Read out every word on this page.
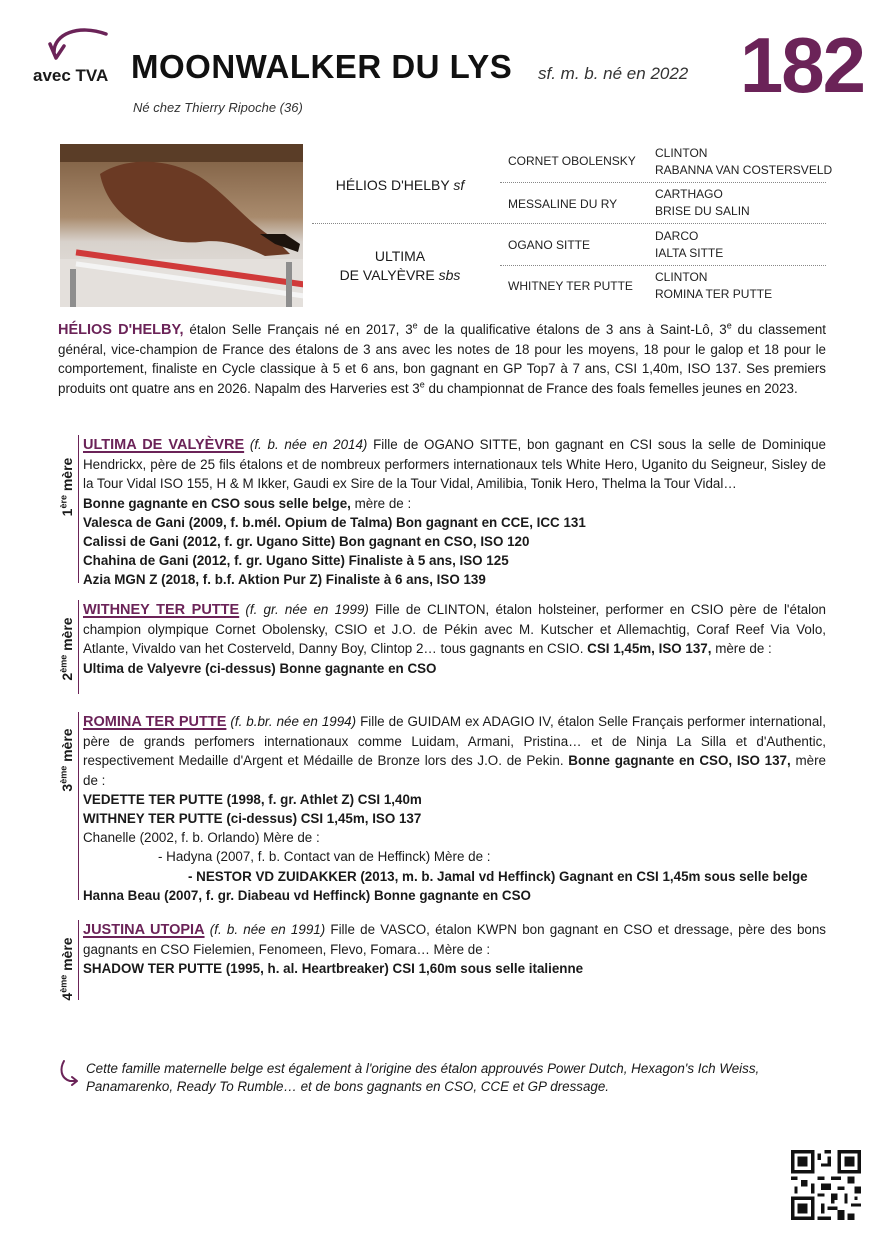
avec TVA MOONWALKER DU LYS sf. m. b. né en 2022 182
Né chez Thierry Ripoche (36)
HÉLIOS D'HELBY sf
ULTIMA
DE VALYÈVRE sbs
CORNET OBOLENSKY
MESSALINE DU RY
OGANO SITTE
WHITNEY TER PUTTE
CLINTON
RABANNA VAN COSTERSVELD
CARTHAGO
BRISE DU SALIN
DARCO
IALTA SITTE
CLINTON
ROMINA TER PUTTE
HÉLIOS D'HELBY, étalon Selle Français né en 2017, 3e de la qualificative étalons de 3 ans à Saint-Lô, 3e du classement général, vice-champion de France des étalons de 3 ans avec les notes de 18 pour les moyens, 18 pour le galop et 18 pour le comportement, finaliste en Cycle classique à 5 et 6 ans, bon gagnant en GP Top7 à 7 ans, CSI 1,40m, ISO 137. Ses premiers produits ont quatre ans en 2026. Napalm des Harveries est 3e du championnat de France des foals femelles jeunes en 2023.
1ère mère
ULTIMA DE VALYÈVRE (f. b. née en 2014) Fille de OGANO SITTE, bon gagnant en CSI sous la selle de Dominique Hendrickx, père de 25 fils étalons et de nombreux performers internationaux tels White Hero, Uganito du Seigneur, Sisley de la Tour Vidal ISO 155, H & M Ikker, Gaudi ex Sire de la Tour Vidal, Amilibia, Tonik Hero, Thelma la Tour Vidal…
Bonne gagnante en CSO sous selle belge, mère de :
Valesca de Gani (2009, f. b.mél. Opium de Talma) Bon gagnant en CCE, ICC 131
Calissi de Gani (2012, f. gr. Ugano Sitte) Bon gagnant en CSO, ISO 120
Chahina de Gani (2012, f. gr. Ugano Sitte) Finaliste à 5 ans, ISO 125
Azia MGN Z (2018, f. b.f. Aktion Pur Z) Finaliste à 6 ans, ISO 139
2ème mère
WITHNEY TER PUTTE (f. gr. née en 1999) Fille de CLINTON, étalon holsteiner, performer en CSIO père de l'étalon champion olympique Cornet Obolensky, CSIO et J.O. de Pékin avec M. Kutscher et Allemachtig, Coraf Reef Via Volo, Atlante, Vivaldo van het Costerveld, Danny Boy, Clintop 2… tous gagnants en CSIO. CSI 1,45m, ISO 137, mère de :
Ultima de Valyevre (ci-dessus) Bonne gagnante en CSO
3ème mère
ROMINA TER PUTTE (f. b.br. née en 1994) Fille de GUIDAM ex ADAGIO IV, étalon Selle Français performer international, père de grands perfomers internationaux comme Luidam, Armani, Pristina… et de Ninja La Silla et d'Authentic, respectivement Medaille d'Argent et Médaille de Bronze lors des J.O. de Pekin. Bonne gagnante en CSO, ISO 137, mère de :
VEDETTE TER PUTTE (1998, f. gr. Athlet Z) CSI 1,40m
WITHNEY TER PUTTE (ci-dessus) CSI 1,45m, ISO 137
Chanelle (2002, f. b. Orlando) Mère de :
- Hadyna (2007, f. b. Contact van de Heffinck) Mère de :
- NESTOR VD ZUIDAKKER (2013, m. b. Jamal vd Heffinck) Gagnant en CSI 1,45m sous selle belge
Hanna Beau (2007, f. gr. Diabeau vd Heffinck) Bonne gagnante en CSO
4ème mère
JUSTINA UTOPIA (f. b. née en 1991) Fille de VASCO, étalon KWPN bon gagnant en CSO et dressage, père des bons gagnants en CSO Fielemien, Fenomeen, Flevo, Fomara… Mère de :
SHADOW TER PUTTE (1995, h. al. Heartbreaker) CSI 1,60m sous selle italienne
Cette famille maternelle belge est également à l'origine des étalon approuvés Power Dutch, Hexagon's Ich Weiss, Panamarenko, Ready To Rumble… et de bons gagnants en CSO, CCE et GP dressage.
